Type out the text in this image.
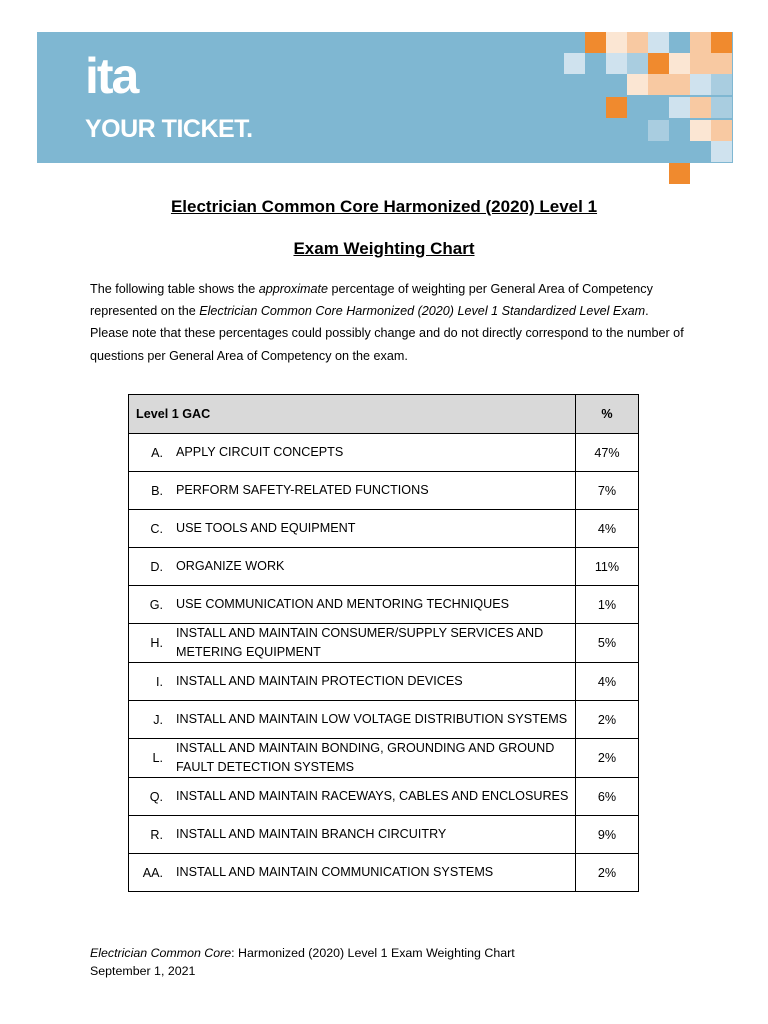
ita
YOUR TICKET.
Electrician Common Core Harmonized (2020) Level 1
Exam Weighting Chart
The following table shows the approximate percentage of weighting per General Area of Competency represented on the Electrician Common Core Harmonized (2020) Level 1 Standardized Level Exam. Please note that these percentages could possibly change and do not directly correspond to the number of questions per General Area of Competency on the exam.
Level 1 GAC	%

A. APPLY CIRCUIT CONCEPTS	47%

B. PERFORM SAFETY-RELATED FUNCTIONS	7%

C. USE TOOLS AND EQUIPMENT	4%

D. ORGANIZE WORK	11%

G. USE COMMUNICATION AND MENTORING TECHNIQUES	1%

H.
INSTALL AND MAINTAIN CONSUMER/SUPPLY SERVICES AND METERING EQUIPMENT	5%

I. INSTALL AND MAINTAIN PROTECTION DEVICES	4%

J. INSTALL AND MAINTAIN LOW VOLTAGE DISTRIBUTION SYSTEMS	2%

L.
INSTALL AND MAINTAIN BONDING, GROUNDING AND GROUND FAULT DETECTION SYSTEMS	2%

Q. INSTALL AND MAINTAIN RACEWAYS, CABLES AND ENCLOSURES	6%

R. INSTALL AND MAINTAIN BRANCH CIRCUITRY	9%

AA. INSTALL AND MAINTAIN COMMUNICATION SYSTEMS	2%
Electrician Common Core: Harmonized (2020) Level 1 Exam Weighting Chart
September 1, 2021
